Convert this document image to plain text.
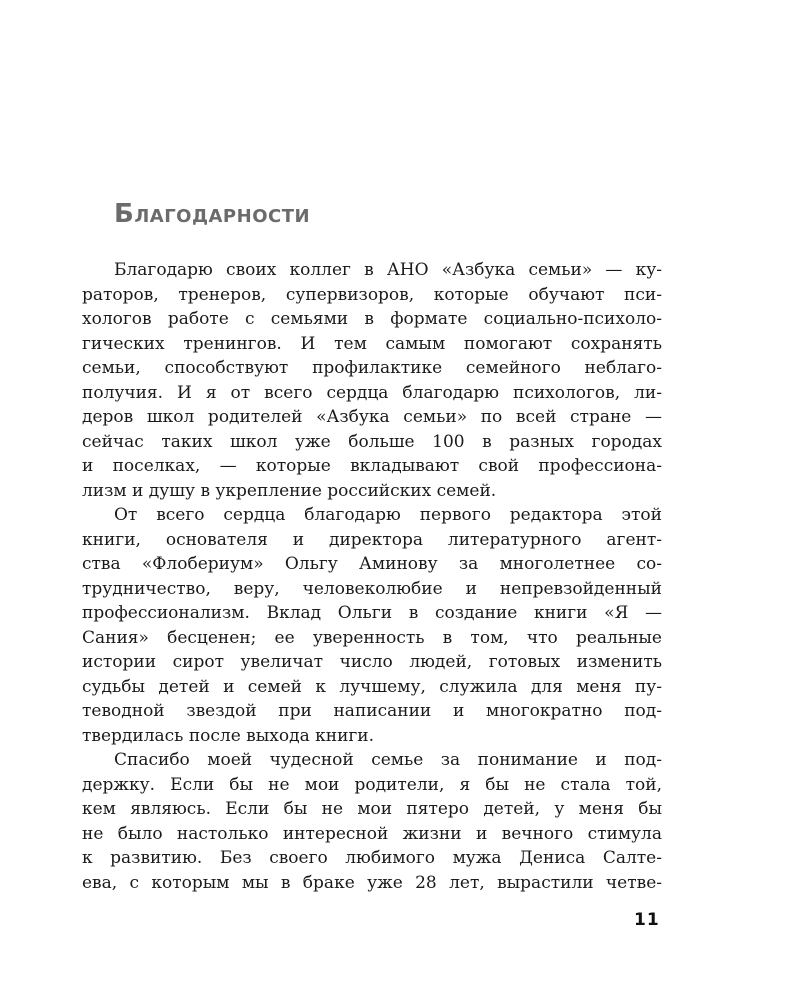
Благодарности
Благодарю своих коллег в АНО «Азбука семьи» — ку-
раторов, тренеров, супервизоров, которые обучают пси-
хологов работе с семьями в формате социально-психоло-
гических тренингов. И тем самым помогают сохранять
семьи, способствуют профилактике семейного неблаго-
получия. И я от всего сердца благодарю психологов, ли-
деров школ родителей «Азбука семьи» по всей стране —
сейчас таких школ уже больше 100 в разных городах
и поселках, — которые вкладывают свой профессиона-
лизм и душу в укрепление российских семей.
От всего сердца благодарю первого редактора этой
книги, основателя и директора литературного агент-
ства «Флобериум» Ольгу Аминову за многолетнее со-
трудничество, веру, человеколюбие и непревзойденный
профессионализм. Вклад Ольги в создание книги «Я —
Сания» бесценен; ее уверенность в том, что реальные
истории сирот увеличат число людей, готовых изменить
судьбы детей и семей к лучшему, служила для меня пу-
теводной звездой при написании и многократно под-
твердилась после выхода книги.
Спасибо моей чудесной семье за понимание и под-
держку. Если бы не мои родители, я бы не стала той,
кем являюсь. Если бы не мои пятеро детей, у меня бы
не было настолько интересной жизни и вечного стимула
к развитию. Без своего любимого мужа Дениса Салте-
ева, с которым мы в браке уже 28 лет, вырастили четве-
11
